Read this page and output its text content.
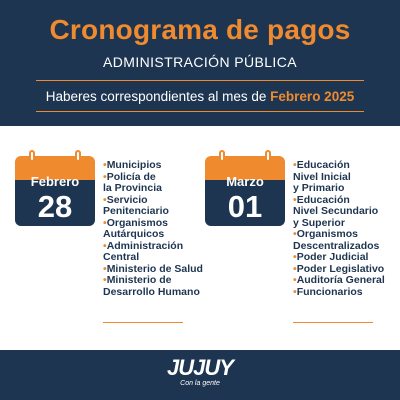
Cronograma de pagos
ADMINISTRACIÓN PÚBLICA
Haberes correspondientes al mes de Febrero 2025
Febrero
28
•Municipios
•Policía de
la Provincia
•Servicio
Penitenciario
•Organismos
Autárquicos
•Administración
Central
•Ministerio de Salud
•Ministerio de
Desarrollo Humano
Marzo
01
•Educación
Nivel Inicial
y Primario
•Educación
Nivel Secundario
y Superior
•Organismos
Descentralizados
•Poder Judicial
•Poder Legislativo
•Auditoría General
•Funcionarios
JUJUY
Con la gente
